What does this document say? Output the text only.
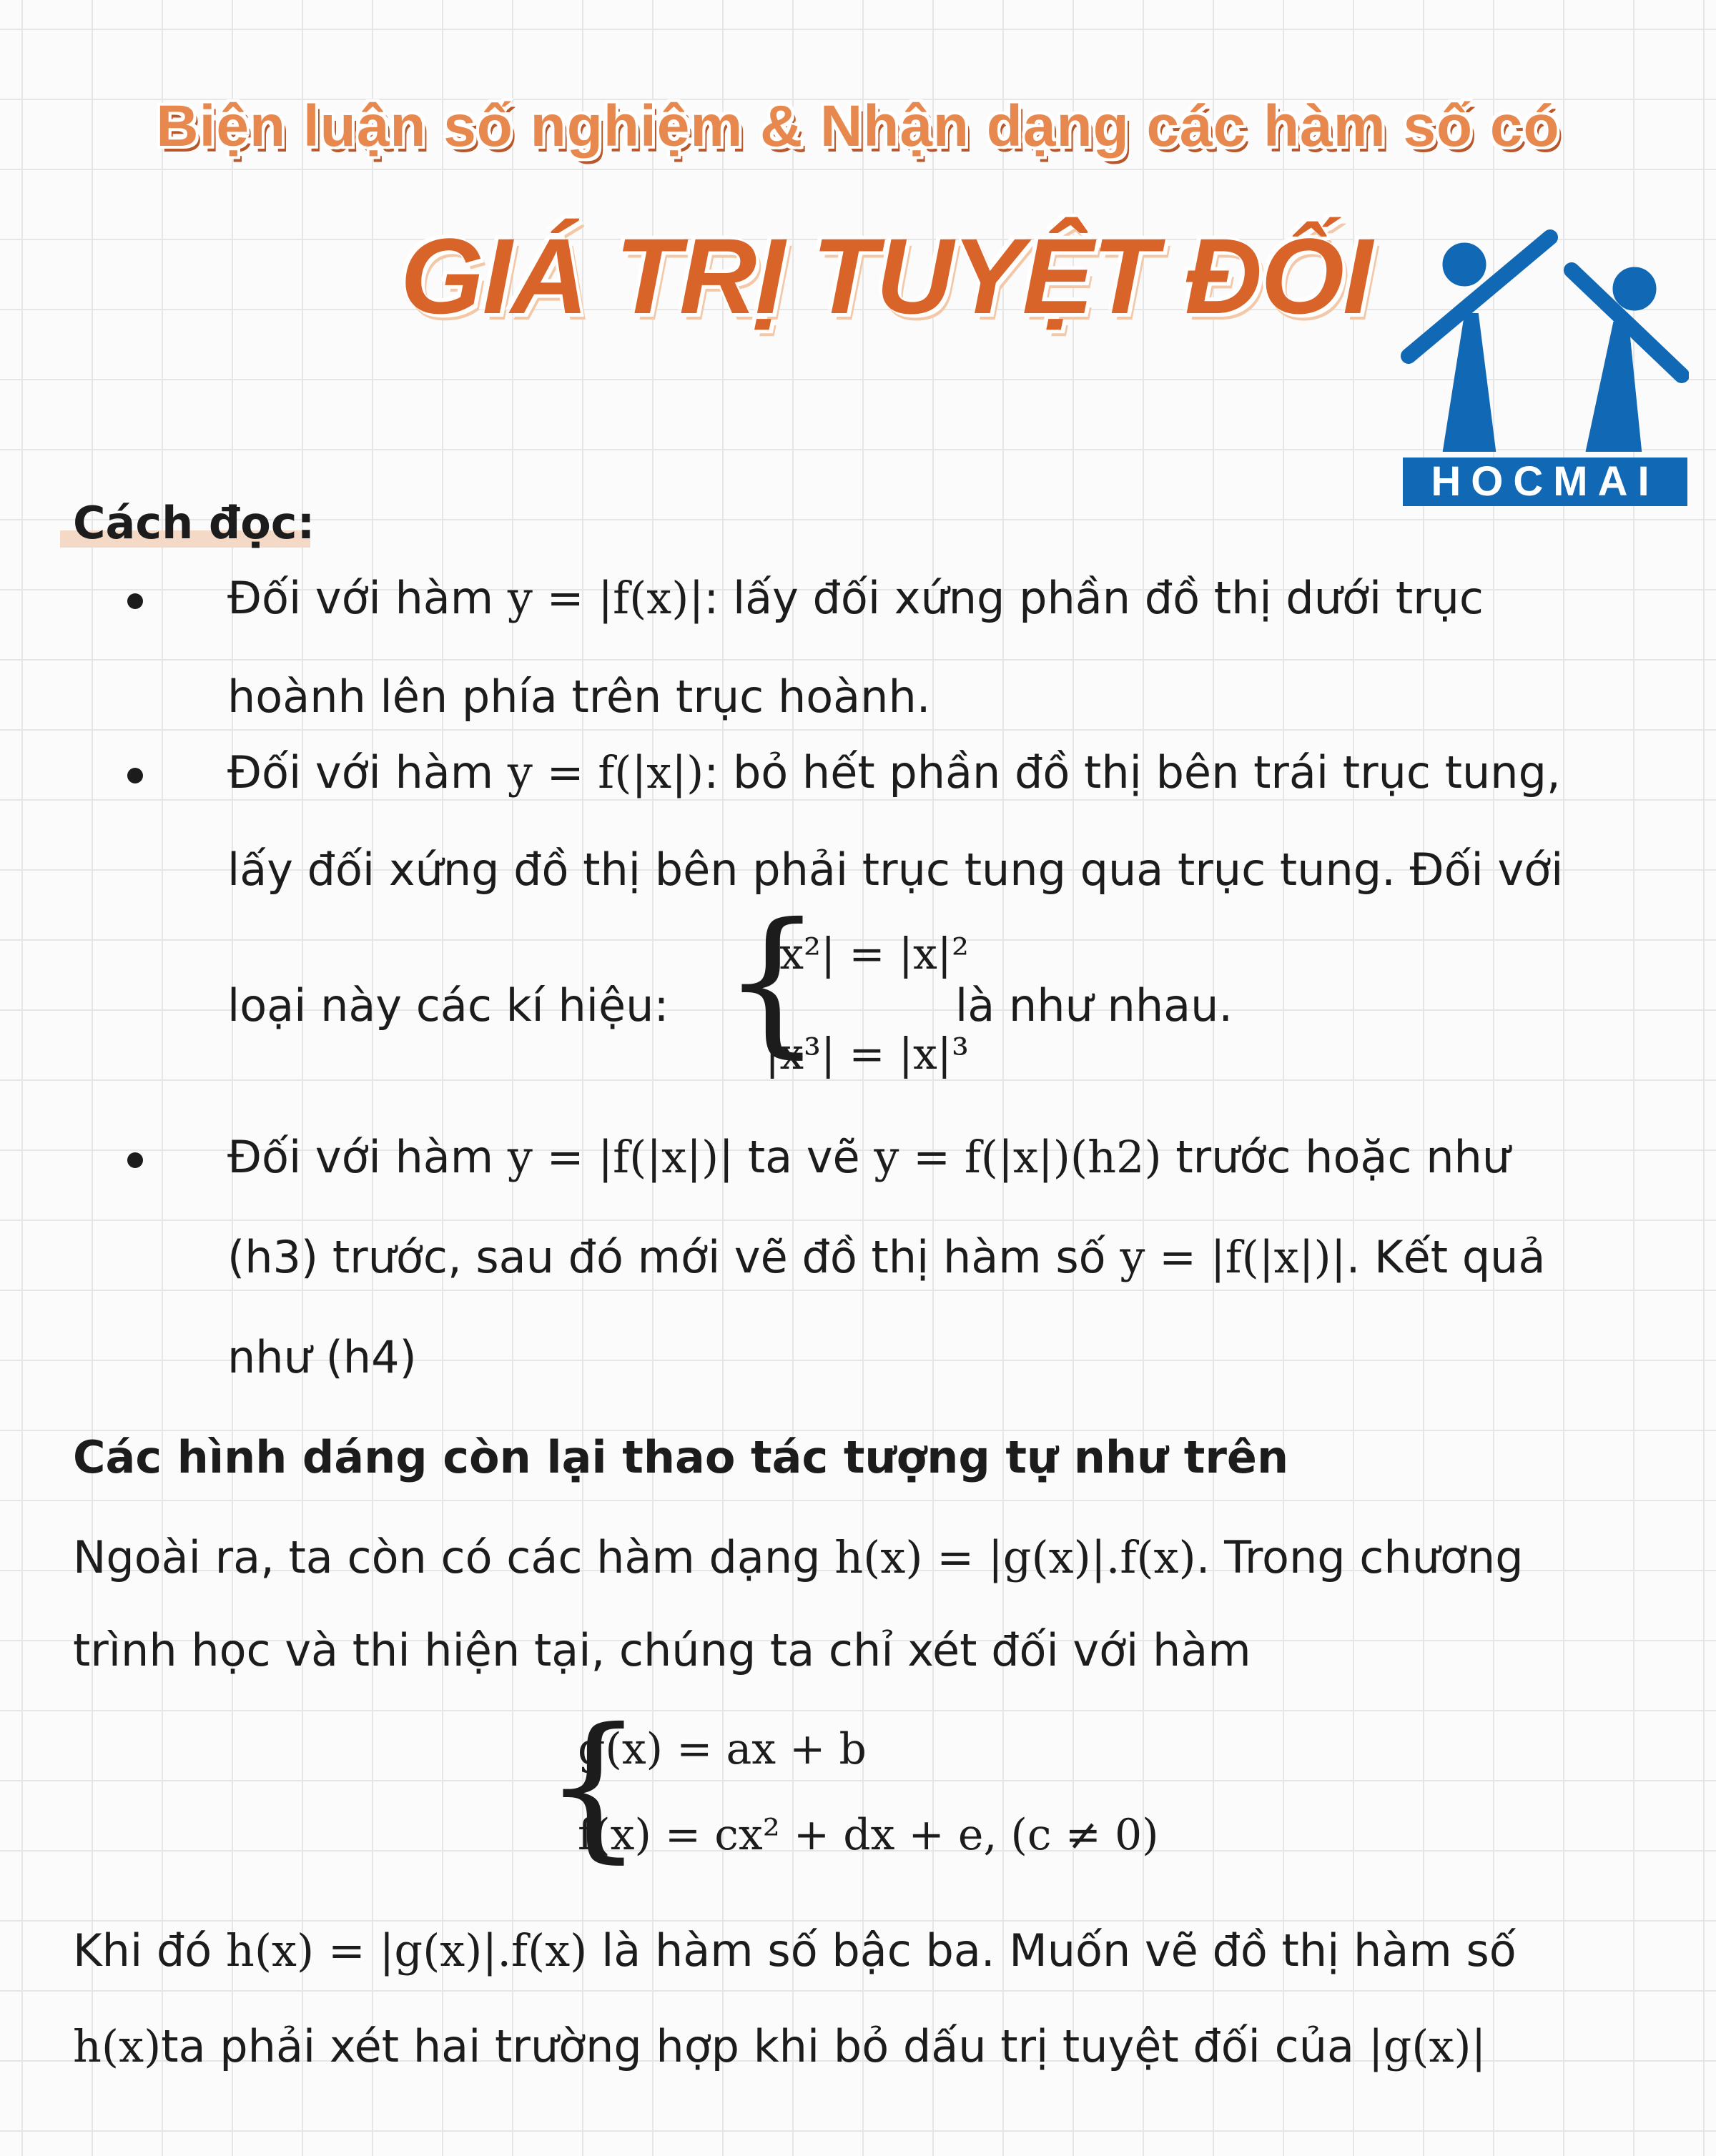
Biện luận số nghiệm & Nhận dạng các hàm số có
GIÁ TRỊ TUYỆT ĐỐI
HOCMAI
Cách đọc:
Đối với hàm y = |f(x)|: lấy đối xứng phần đồ thị dưới trục
hoành lên phía trên trục hoành.
Đối với hàm y = f(|x|): bỏ hết phần đồ thị bên trái trục tung,
lấy đối xứng đồ thị bên phải trục tung qua trục tung. Đối với
loại này các kí hiệu: {
|x²| = |x|²
|x³| = |x|³
là như nhau.
Đối với hàm y = |f(|x|)| ta vẽ y = f(|x|)(h2) trước hoặc như
(h3) trước, sau đó mới vẽ đồ thị hàm số y = |f(|x|)|. Kết quả
như (h4)
Các hình dáng còn lại thao tác tượng tự như trên
Ngoài ra, ta còn có các hàm dạng h(x) = |g(x)|.f(x). Trong chương
trình học và thi hiện tại, chúng ta chỉ xét đối với hàm
{
g(x) = ax + b
f(x) = cx² + dx + e, (c ≠ 0)
Khi đó h(x) = |g(x)|.f(x) là hàm số bậc ba. Muốn vẽ đồ thị hàm số
h(x)ta phải xét hai trường hợp khi bỏ dấu trị tuyệt đối của |g(x)|
